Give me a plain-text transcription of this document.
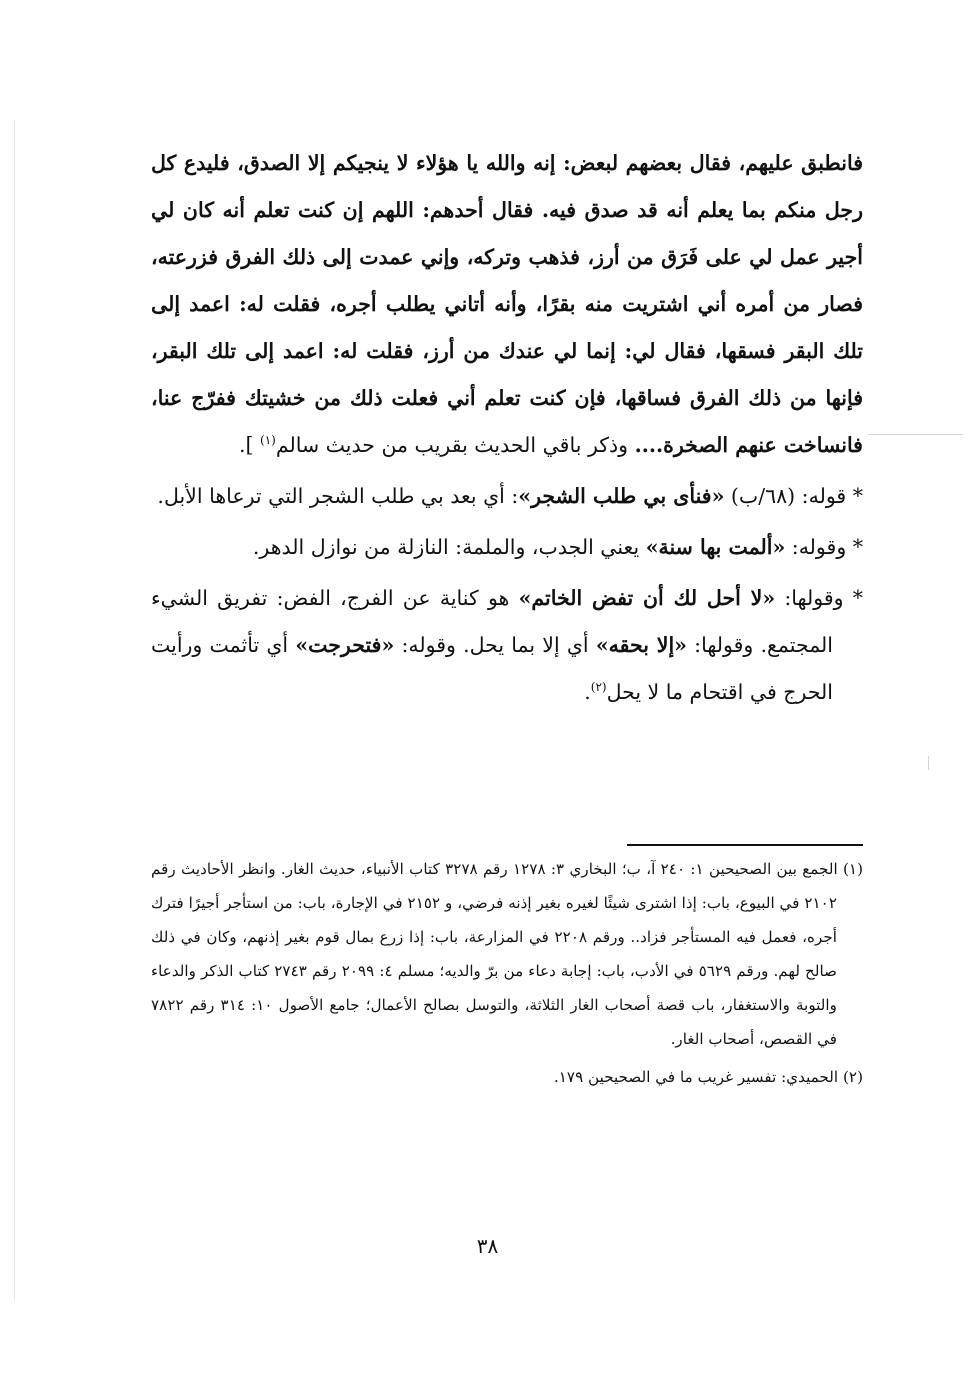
فانطبق عليهم، فقال بعضهم لبعض: إنه والله يا هؤلاء لا ينجيكم إلا الصدق، فليدع كل رجل منكم بما يعلم أنه قد صدق فيه. فقال أحدهم: اللهم إن كنت تعلم أنه كان لي أجير عمل لي على فَرَق من أرز، فذهب وتركه، وإني عمدت إلى ذلك الفرق فزرعته، فصار من أمره أني اشتريت منه بقرًا، وأنه أتاني يطلب أجره، فقلت له: اعمد إلى تلك البقر فسقها، فقال لي: إنما لي عندك من أرز، فقلت له: اعمد إلى تلك البقر، فإنها من ذلك الفرق فساقها، فإن كنت تعلم أني فعلت ذلك من خشيتك ففرّج عنا، فانساخت عنهم الصخرة.... وذكر باقي الحديث بقريب من حديث سالم$^{(١)}$ ].

* قوله: (٦٨/ب) «فنأى بي طلب الشجر»: أي بعد بي طلب الشجر التي ترعاها الأبل.

* وقوله: «ألمت بها سنة» يعني الجدب، والملمة: النازلة من نوازل الدهر.

* وقولها: «لا أحل لك أن تفض الخاتم» هو كناية عن الفرج، الفض: تفريق الشيء المجتمع. وقولها: «إلا بحقه» أي إلا بما يحل. وقوله: «فتحرجت» أي تأثمت ورأيت الحرج في اقتحام ما لا يحل$^{(٢)}$.

(١) الجمع بين الصحيحين ١: ٢٤٠ آ، ب؛ البخاري ٣: ١٢٧٨ رقم ٣٢٧٨ كتاب الأنبياء، حديث الغار. وانظر الأحاديث رقم ٢١٠٢ في البيوع، باب: إذا اشترى شيئًا لغيره بغير إذنه فرضي، و ٢١٥٢ في الإجارة، باب: من استأجر أجيرًا فترك أجره، فعمل فيه المستأجر فزاد.. ورقم ٢٢٠٨ في المزارعة، باب: إذا زرع بمال قوم بغير إذنهم، وكان في ذلك صالح لهم. ورقم ٥٦٢٩ في الأدب، باب: إجابة دعاء من برّ والديه؛ مسلم ٤: ٢٠٩٩ رقم ٢٧٤٣ كتاب الذكر والدعاء والتوبة والاستغفار، باب قصة أصحاب الغار الثلاثة، والتوسل بصالح الأعمال؛ جامع الأصول ١٠: ٣١٤ رقم ٧٨٢٢ في القصص، أصحاب الغار.

(٢) الحميدي: تفسير غريب ما في الصحيحين ١٧٩.

٣٨
